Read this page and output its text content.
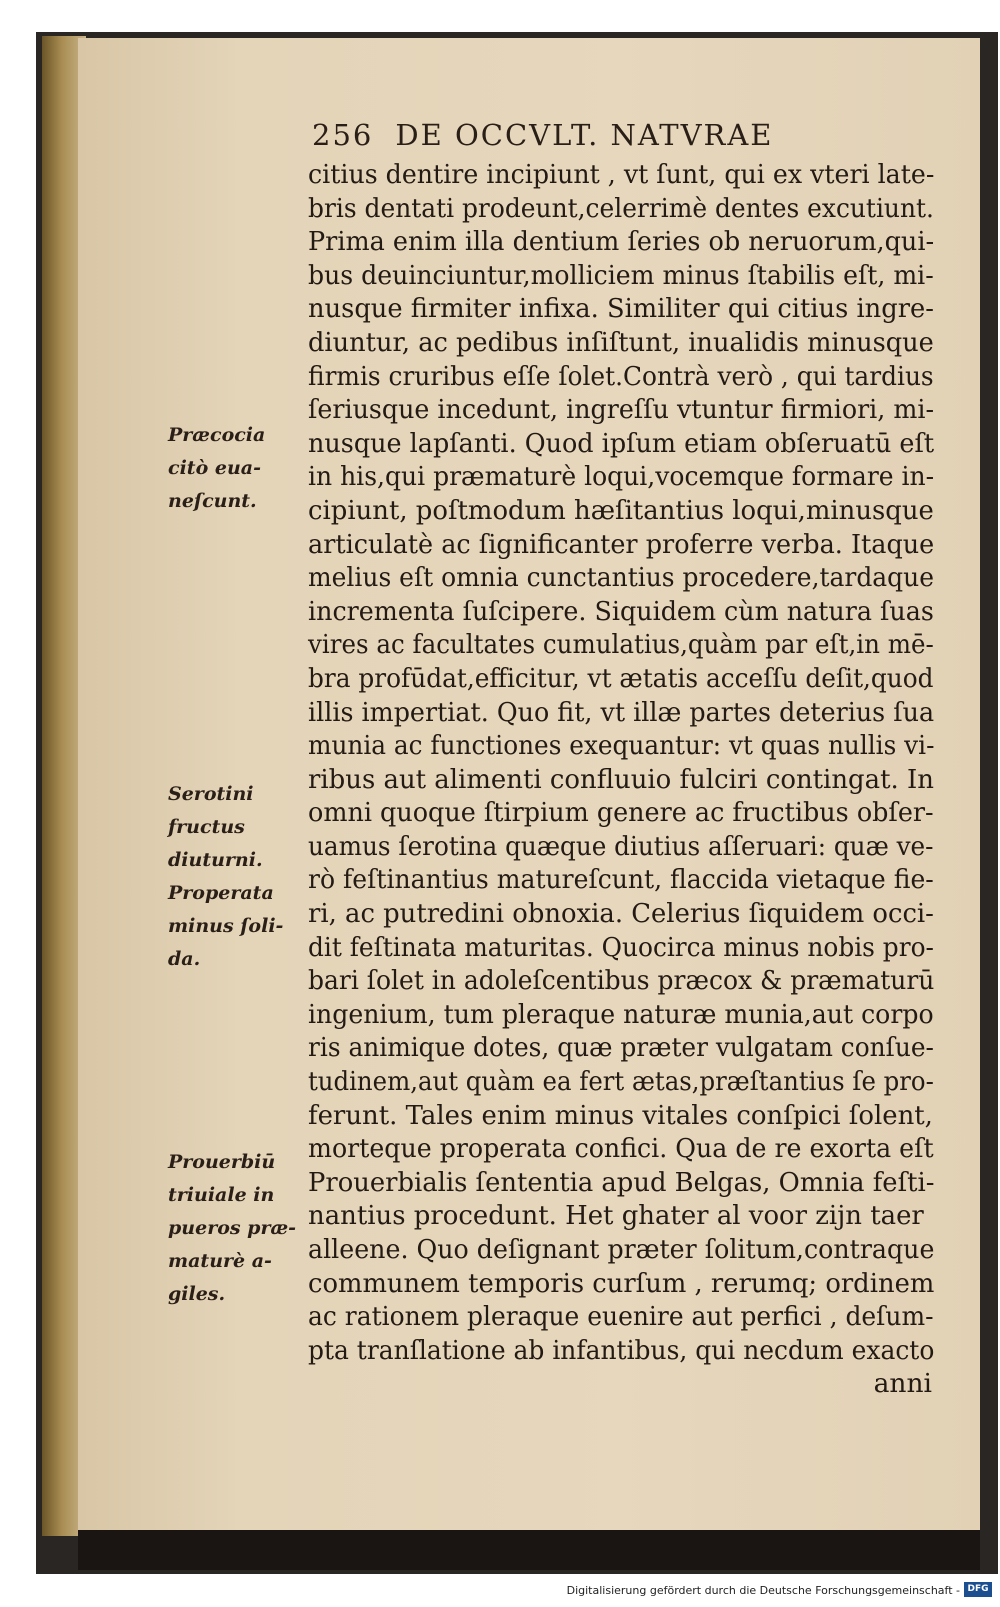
256 DE OCCVLT. NATVRAE
citius dentire incipiunt , vt ſunt, qui ex vteri late-
bris dentati prodeunt,celerrimè dentes excutiunt.
Prima enim illa dentium ſeries ob neruorum,qui-
bus deuinciuntur,molliciem minus ſtabilis eſt, mi-
nusque firmiter infixa. Similiter qui citius ingre-
diuntur, ac pedibus inſiſtunt, inualidis minusque
firmis cruribus eſſe ſolet.Contrà verò , qui tardius
ſeriusque incedunt, ingreſſu vtuntur firmiori, mi-
nusque lapſanti. Quod ipſum etiam obſeruatū eſt
in his,qui præmaturè loqui,vocemque formare in-
cipiunt, poſtmodum hæſitantius loqui,minusque
articulatè ac ſignificanter proferre verba. Itaque
melius eſt omnia cunctantius procedere,tardaque
incrementa ſuſcipere. Siquidem cùm natura ſuas
vires ac facultates cumulatius,quàm par eſt,in mē-
bra profūdat,efficitur, vt ætatis acceſſu deſit,quod
illis impertiat. Quo fit, vt illæ partes deterius ſua
munia ac functiones exequantur: vt quas nullis vi-
ribus aut alimenti confluuio fulciri contingat. In
omni quoque ſtirpium genere ac fructibus obſer-
uamus ſerotina quæque diutius aſſeruari: quæ ve-
rò feſtinantius matureſcunt, flaccida vietaque fie-
ri, ac putredini obnoxia. Celerius ſiquidem occi-
dit feſtinata maturitas. Quocirca minus nobis pro-
bari ſolet in adoleſcentibus præcox & præmaturū
ingenium, tum pleraque naturæ munia,aut corpo
ris animique dotes, quæ præter vulgatam conſue-
tudinem,aut quàm ea fert ætas,præſtantius ſe pro-
ferunt. Tales enim minus vitales conſpici ſolent,
morteque properata confici. Qua de re exorta eſt
Prouerbialis ſententia apud Belgas, Omnia feſti-
nantius procedunt. Het ghater al voor zijn taer
alleene. Quo deſignant præter ſolitum,contraque
communem temporis curſum , rerumq; ordinem
ac rationem pleraque euenire aut perfici , deſum-
pta tranſlatione ab infantibus, qui necdum exacto
anni
Præcocia
citò eua-
neſcunt.
Serotini
fructus
diuturni.
Properata
minus ſoli-
da.
Prouerbiū
triuiale in
pueros præ-
maturè a-
giles.
Digitalisierung gefördert durch die Deutsche Forschungsgemeinschaft - DFG
